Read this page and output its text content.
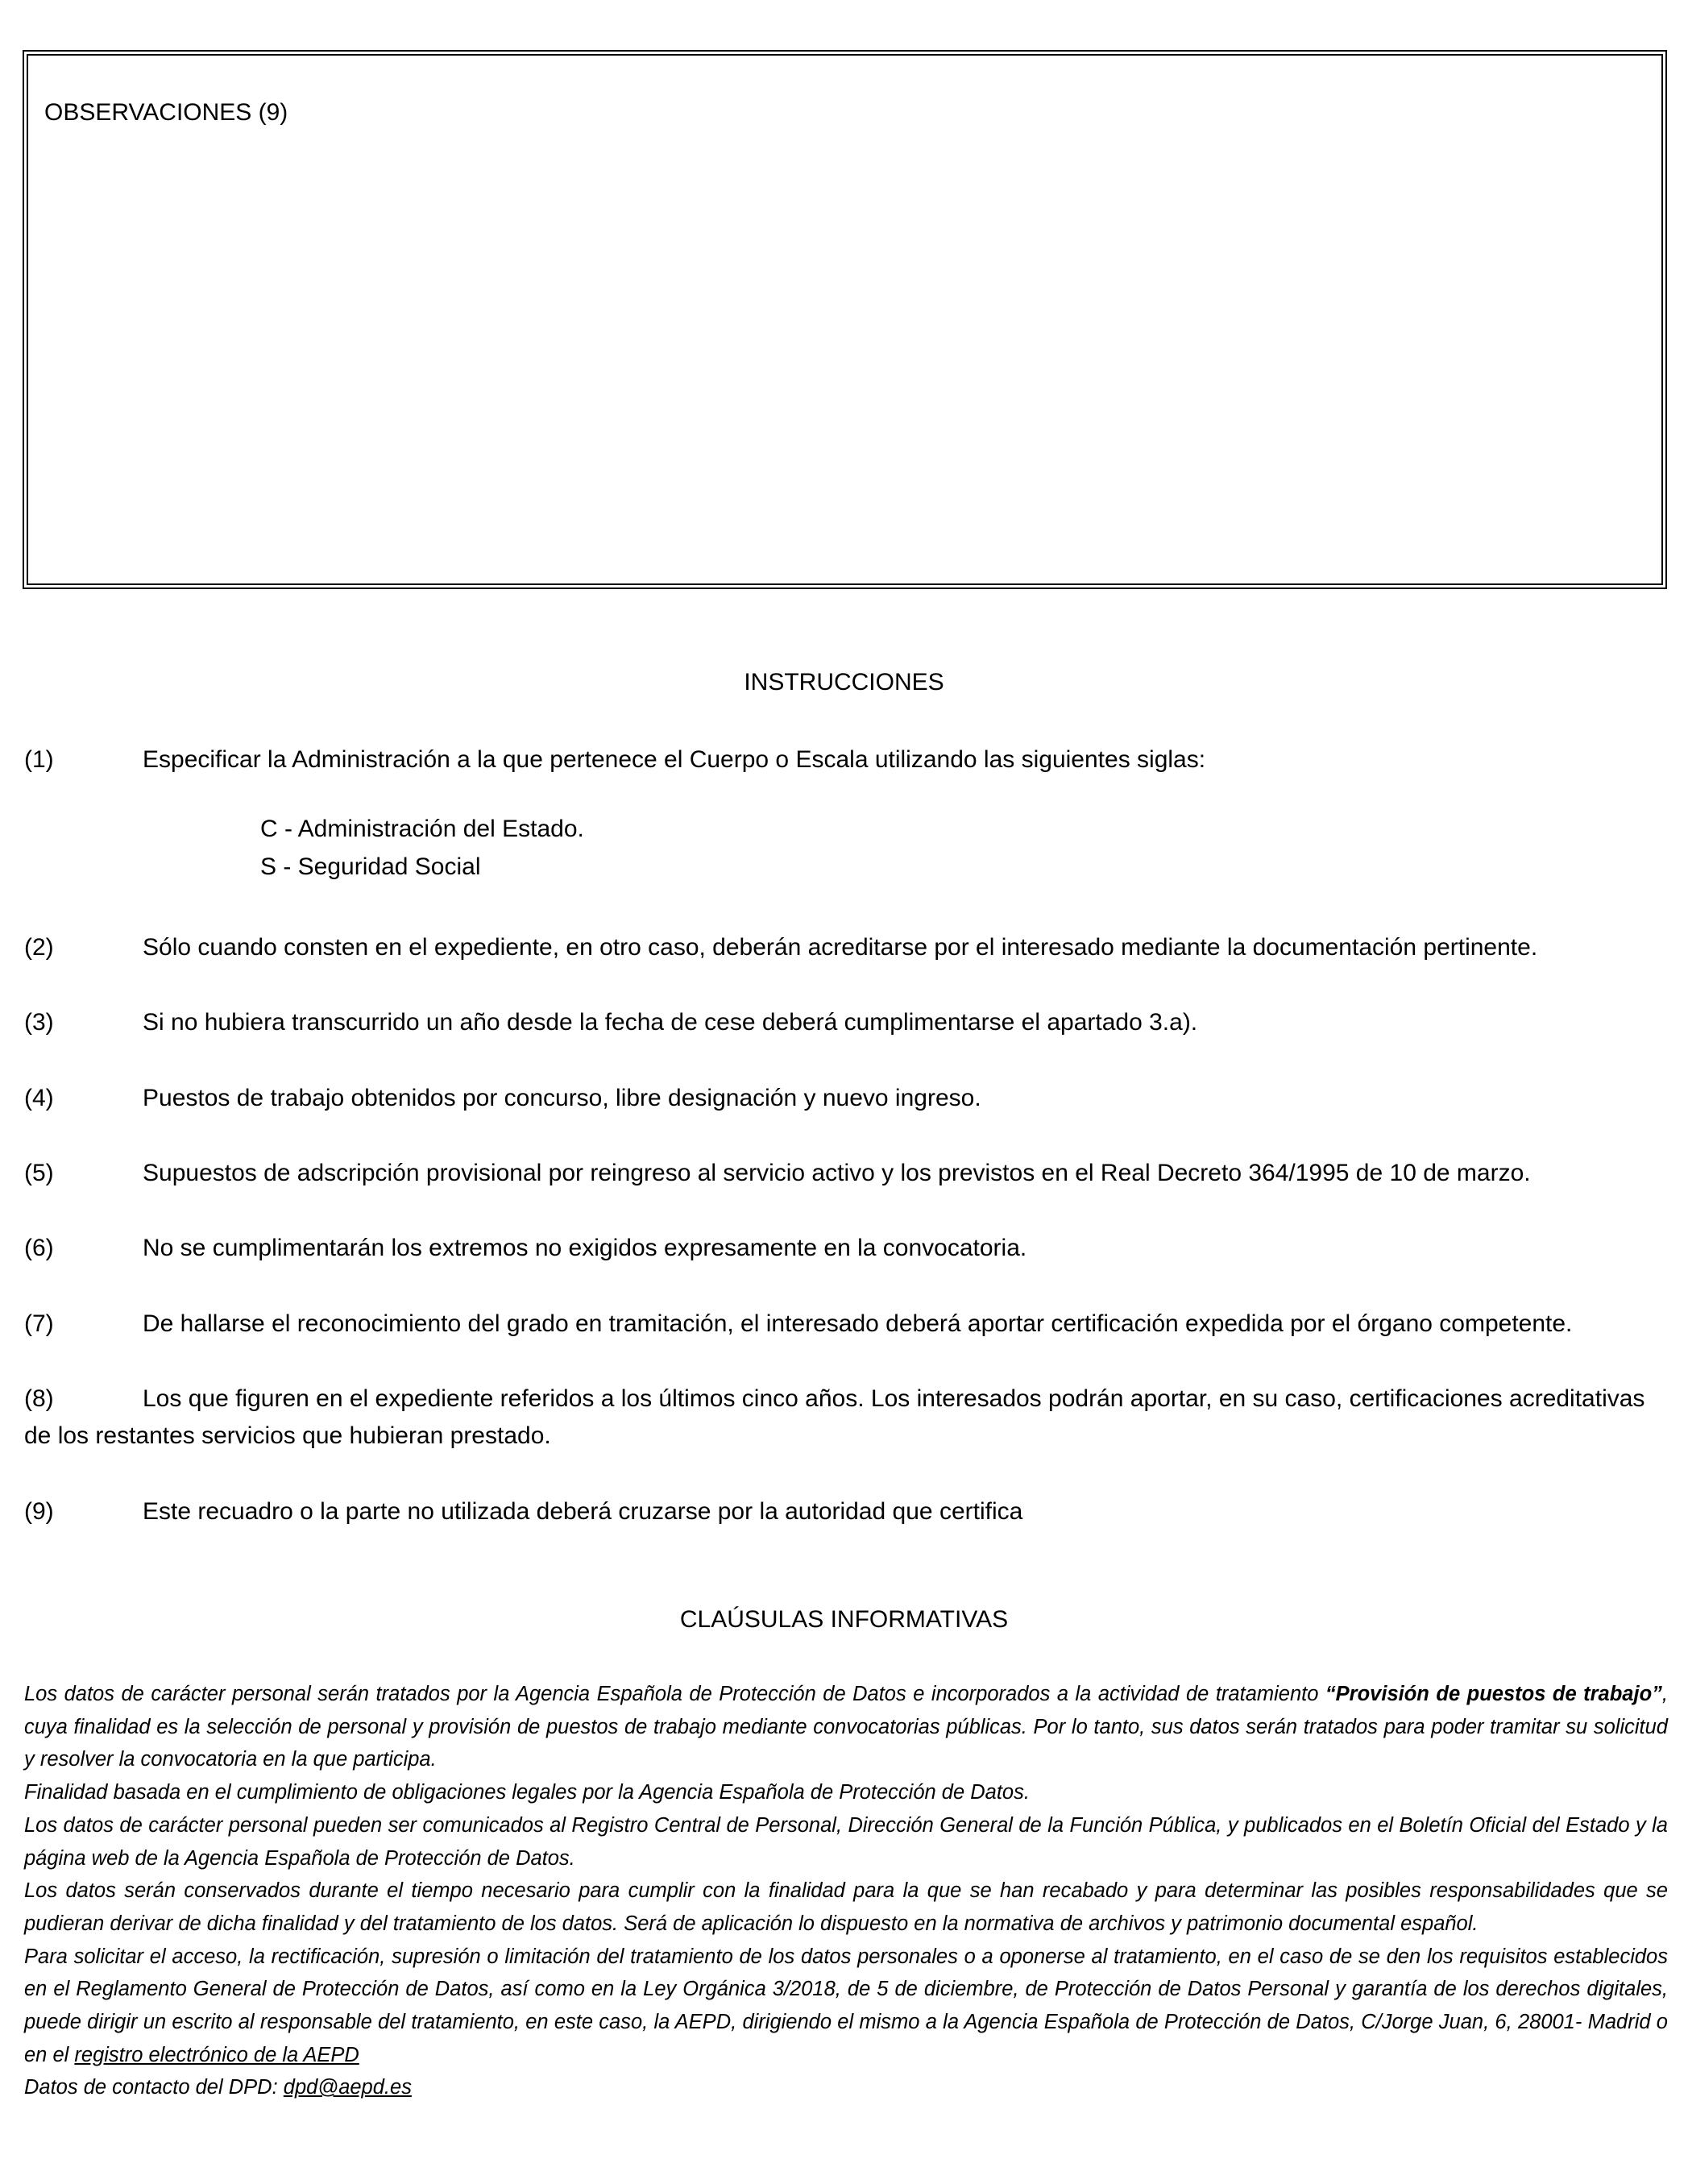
OBSERVACIONES (9)
INSTRUCCIONES
(1)	Especificar la Administración a la que pertenece el Cuerpo o Escala utilizando las siguientes siglas:
C - Administración del Estado.
S - Seguridad Social
(2)	Sólo cuando consten en el expediente, en otro caso, deberán acreditarse por el interesado mediante la documentación pertinente.
(3)	Si no hubiera transcurrido un año desde la fecha de cese deberá cumplimentarse el apartado 3.a).
(4)	Puestos de trabajo obtenidos por concurso, libre designación y nuevo ingreso.
(5)	Supuestos de adscripción provisional por reingreso al servicio activo y los previstos en el Real Decreto 364/1995 de 10 de marzo.
(6)	No se cumplimentarán los extremos no exigidos expresamente en la convocatoria.
(7)	De hallarse el reconocimiento del grado en tramitación, el interesado deberá aportar certificación expedida por el órgano competente.
(8)	Los que figuren en el expediente referidos a los últimos cinco años. Los interesados podrán aportar, en su caso, certificaciones acreditativas de los restantes servicios que hubieran prestado.
(9)	Este recuadro o la parte no utilizada deberá cruzarse por la autoridad que certifica
CLAÚSULAS INFORMATIVAS

Los datos de carácter personal serán tratados por la Agencia Española de Protección de Datos e incorporados a la actividad de tratamiento “Provisión de puestos de trabajo”, cuya finalidad es la selección de personal y provisión de puestos de trabajo mediante convocatorias públicas. Por lo tanto, sus datos serán tratados para poder tramitar su solicitud y resolver la convocatoria en la que participa.

Finalidad basada en el cumplimiento de obligaciones legales por la Agencia Española de Protección de Datos.

Los datos de carácter personal pueden ser comunicados al Registro Central de Personal, Dirección General de la Función Pública, y publicados en el Boletín Oficial del Estado y la página web de la Agencia Española de Protección de Datos.

Los datos serán conservados durante el tiempo necesario para cumplir con la finalidad para la que se han recabado y para determinar las posibles responsabilidades que se pudieran derivar de dicha finalidad y del tratamiento de los datos. Será de aplicación lo dispuesto en la normativa de archivos y patrimonio documental español.

Para solicitar el acceso, la rectificación, supresión o limitación del tratamiento de los datos personales o a oponerse al tratamiento, en el caso de se den los requisitos establecidos en el Reglamento General de Protección de Datos, así como en la Ley Orgánica 3/2018, de 5 de diciembre, de Protección de Datos Personal y garantía de los derechos digitales, puede dirigir un escrito al responsable del tratamiento, en este caso, la AEPD, dirigiendo el mismo a la Agencia Española de Protección de Datos, C/Jorge Juan, 6, 28001- Madrid o en el registro electrónico de la AEPD

Datos de contacto del DPD: dpd@aepd.es
